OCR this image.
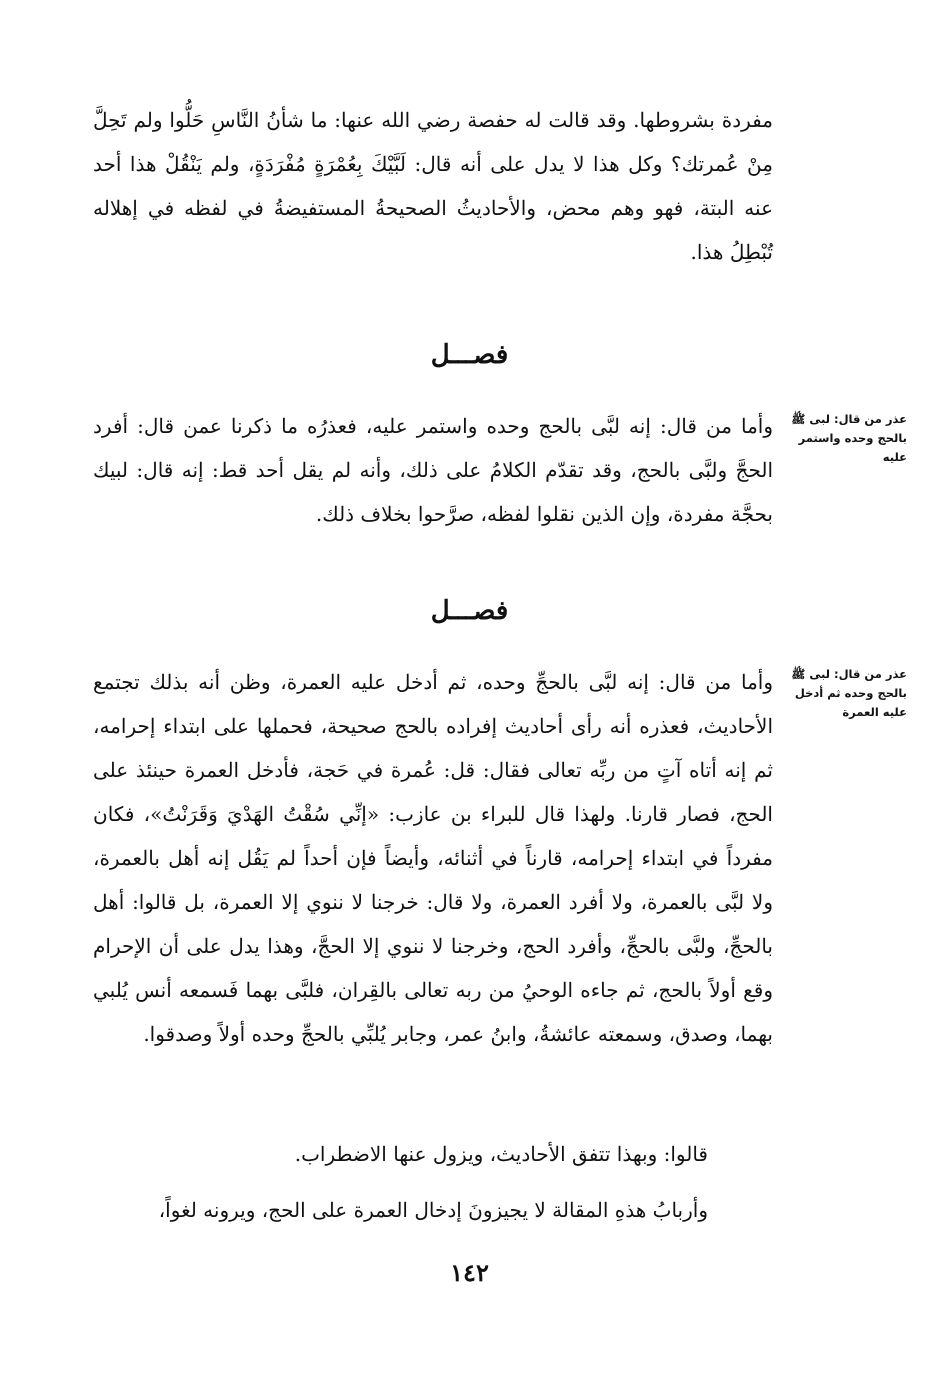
مفردة بشروطها. وقد قالت له حفصة رضي الله عنها: ما شأنُ النَّاسِ حَلُّوا ولم تَحِلَّ مِنْ عُمرتك؟ وكل هذا لا يدل على أنه قال: لَبَّيْكَ بِعُمْرَةٍ مُفْرَدَةٍ، ولم يَنْقُلْ هذا أحد عنه البتة، فهو وهم محض، والأحاديثُ الصحيحةُ المستفيضةُ في لفظه في إهلاله تُبْطِلُ هذا.

فصـــل
عذر من قال: لبى ﷺ بالحج وحده واستمر عليه

وأما من قال: إنه لبَّى بالحج وحده واستمر عليه، فعذرُه ما ذكرنا عمن قال: أفرد الحجَّ ولبَّى بالحج، وقد تقدّم الكلامُ على ذلك، وأنه لم يقل أحد قط: إنه قال: لبيك بحجَّة مفردة، وإن الذين نقلوا لفظه، صرَّحوا بخلاف ذلك.

فصـــل
عذر من قال: لبى ﷺ بالحج وحده ثم أدخل عليه العمرة

وأما من قال: إنه لبَّى بالحجِّ وحده، ثم أدخل عليه العمرة، وظن أنه بذلك تجتمع الأحاديث، فعذره أنه رأى أحاديث إفراده بالحج صحيحة، فحملها على ابتداء إحرامه، ثم إنه أتاه آتٍ من ربِّه تعالى فقال: قل: عُمرة في حَجة، فأدخل العمرة حينئذ على الحج، فصار قارنا. ولهذا قال للبراء بن عازب: «إنِّي سُقْتُ الهَدْيَ وَقَرَنْتُ»، فكان مفرداً في ابتداء إحرامه، قارناً في أثنائه، وأيضاً فإن أحداً لم يَقُل إنه أهل بالعمرة، ولا لبَّى بالعمرة، ولا أفرد العمرة، ولا قال: خرجنا لا ننوي إلا العمرة، بل قالوا: أهل بالحجِّ، ولبَّى بالحجِّ، وأفرد الحج، وخرجنا لا ننوي إلا الحجَّ، وهذا يدل على أن الإحرام وقع أولاً بالحج، ثم جاءه الوحيُ من ربه تعالى بالقِران، فلبَّى بهما فَسمعه أنس يُلبي بهما، وصدق، وسمعته عائشةُ، وابنُ عمر، وجابر يُلبِّي بالحجِّ وحده أولاً وصدقوا.

قالوا: وبهذا تتفق الأحاديث، ويزول عنها الاضطراب.

وأربابُ هذهِ المقالة لا يجيزونَ إدخال العمرة على الحج، ويرونه لغواً،

١٤٢
